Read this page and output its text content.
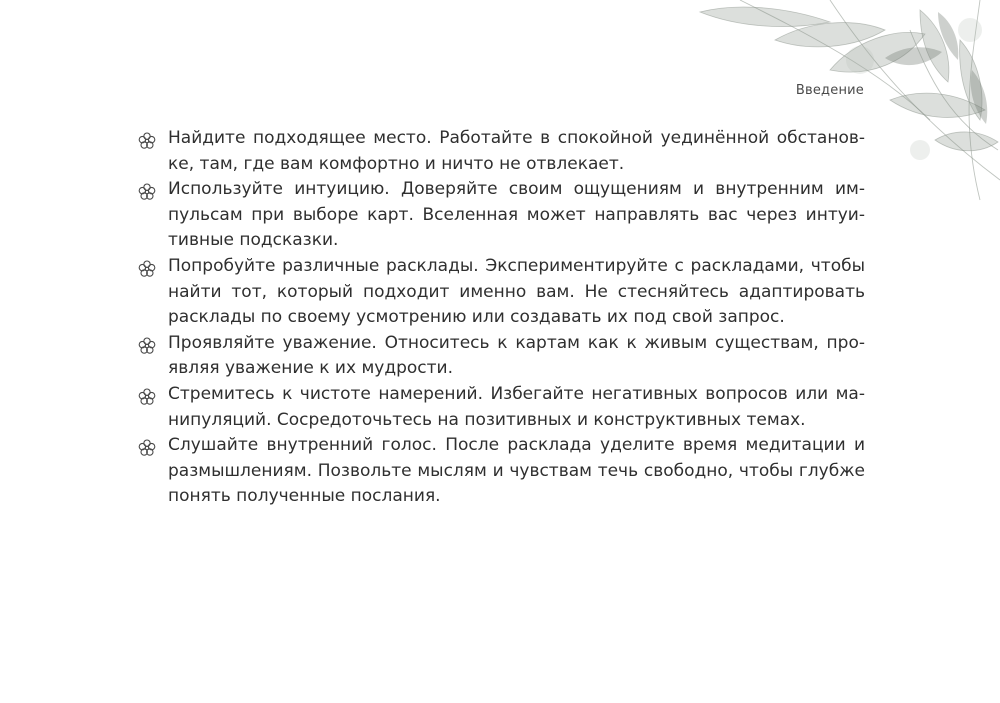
Введение
Найдите подходящее место. Работайте в спокойной уединённой обстановке, там, где вам комфортно и ничто не отвлекает.
Используйте интуицию. Доверяйте своим ощущениям и внутренним импульсам при выборе карт. Вселенная может направлять вас через интуитивные подсказки.
Попробуйте различные расклады. Экспериментируйте с раскладами, чтобы найти тот, который подходит именно вам. Не стесняйтесь адаптировать расклады по своему усмотрению или создавать их под свой запрос.
Проявляйте уважение. Относитесь к картам как к живым существам, проявляя уважение к их мудрости.
Стремитесь к чистоте намерений. Избегайте негативных вопросов или манипуляций. Сосредоточьтесь на позитивных и конструктивных темах.
Слушайте внутренний голос. После расклада уделите время медитации и размышлениям. Позвольте мыслям и чувствам течь свободно, чтобы глубже понять полученные послания.
